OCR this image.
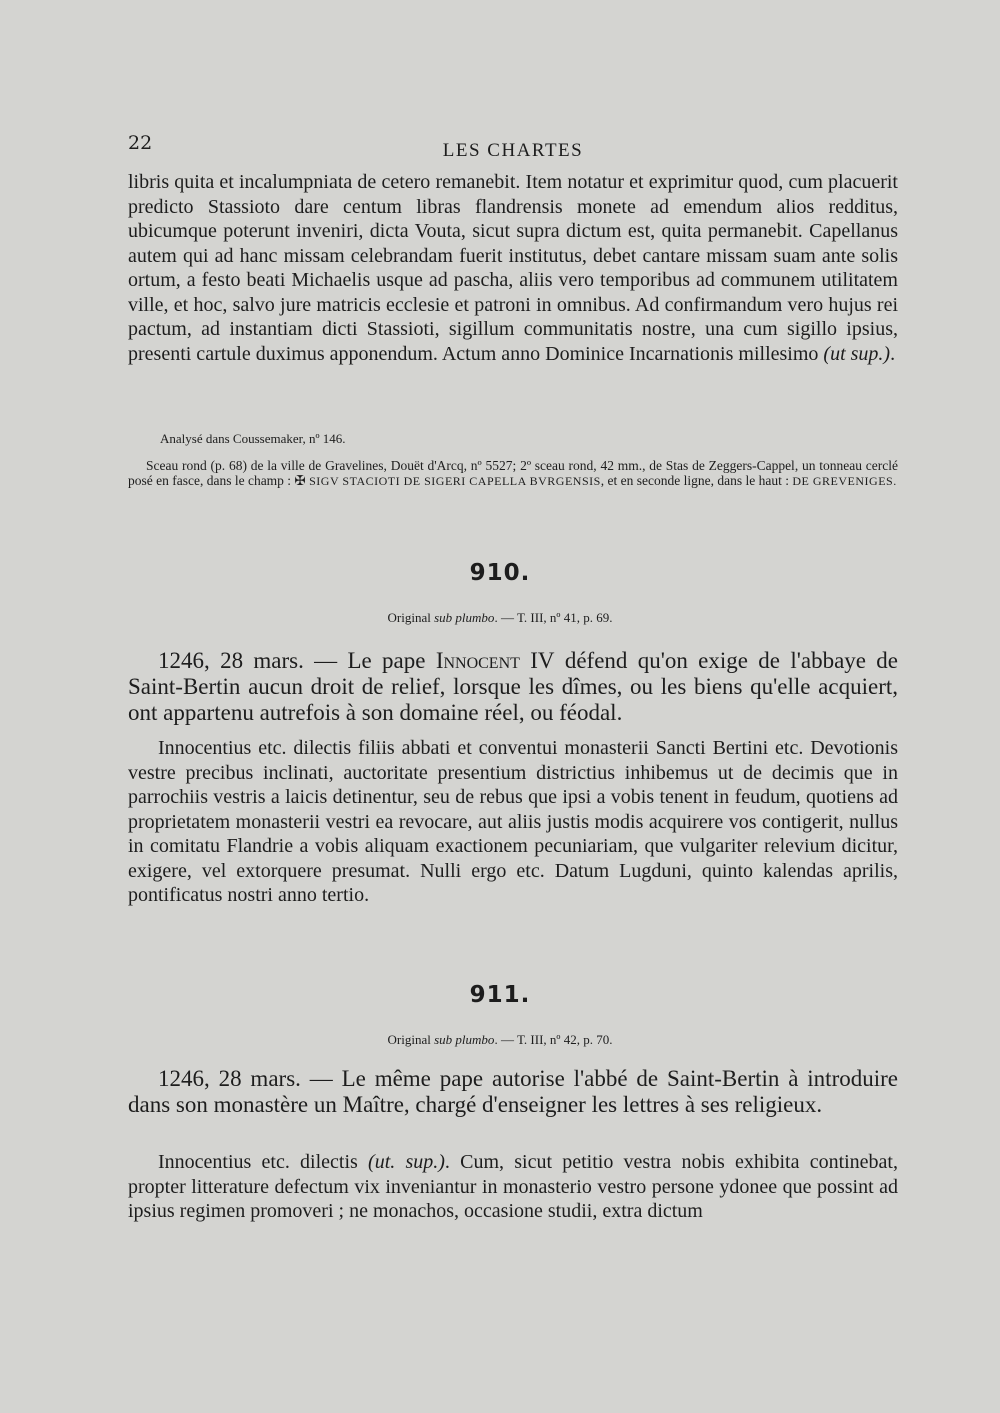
22	LES CHARTES

libris quita et incalumpniata de cetero remanebit. Item notatur et exprimitur quod, cum placuerit predicto Stassioto dare centum libras flandrensis monete ad emendum alios redditus, ubicumque poterunt inveniri, dicta Vouta, sicut supra dictum est, quita permanebit. Capellanus autem qui ad hanc missam celebrandam fuerit institutus, debet cantare missam suam ante solis ortum, a festo beati Michaelis usque ad pascha, aliis vero temporibus ad communem utilitatem ville, et hoc, salvo jure matricis ecclesie et patroni in omnibus. Ad confirmandum vero hujus rei pactum, ad instantiam dicti Stassioti, sigillum communitatis nostre, una cum sigillo ipsius, presenti cartule duximus apponendum. Actum anno Dominice Incarnationis millesimo (ut sup.).

Analysé dans Coussemaker, nº 146.

Sceau rond (p. 68) de la ville de Gravelines, Douët d'Arcq, nº 5527; 2º sceau rond, 42 mm., de Stas de Zeggers-Cappel, un tonneau cerclé posé en fasce, dans le champ : ✠ SIGV STACIOTI DE SIGERI CAPELLA BVRGENSIS, et en seconde ligne, dans le haut : DE GREVENIGES.

910.
Original sub plumbo. — T. III, nº 41, p. 69.

1246, 28 mars. — Le pape Innocent IV défend qu'on exige de l'abbaye de Saint-Bertin aucun droit de relief, lorsque les dîmes, ou les biens qu'elle acquiert, ont appartenu autrefois à son domaine réel, ou féodal.

Innocentius etc. dilectis filiis abbati et conventui monasterii Sancti Bertini etc. Devotionis vestre precibus inclinati, auctoritate presentium districtius inhibemus ut de decimis que in parrochiis vestris a laicis detinentur, seu de rebus que ipsi a vobis tenent in feudum, quotiens ad proprietatem monasterii vestri ea revocare, aut aliis justis modis acquirere vos contigerit, nullus in comitatu Flandrie a vobis aliquam exactionem pecuniariam, que vulgariter relevium dicitur, exigere, vel extorquere presumat. Nulli ergo etc. Datum Lugduni, quinto kalendas aprilis, pontificatus nostri anno tertio.

911.
Original sub plumbo. — T. III, nº 42, p. 70.

1246, 28 mars. — Le même pape autorise l'abbé de Saint-Bertin à introduire dans son monastère un Maître, chargé d'enseigner les lettres à ses religieux.

Innocentius etc. dilectis (ut. sup.). Cum, sicut petitio vestra nobis exhibita continebat, propter litterature defectum vix inveniantur in monasterio vestro persone ydonee que possint ad ipsius regimen promoveri ; ne monachos, occasione studii, extra dictum
